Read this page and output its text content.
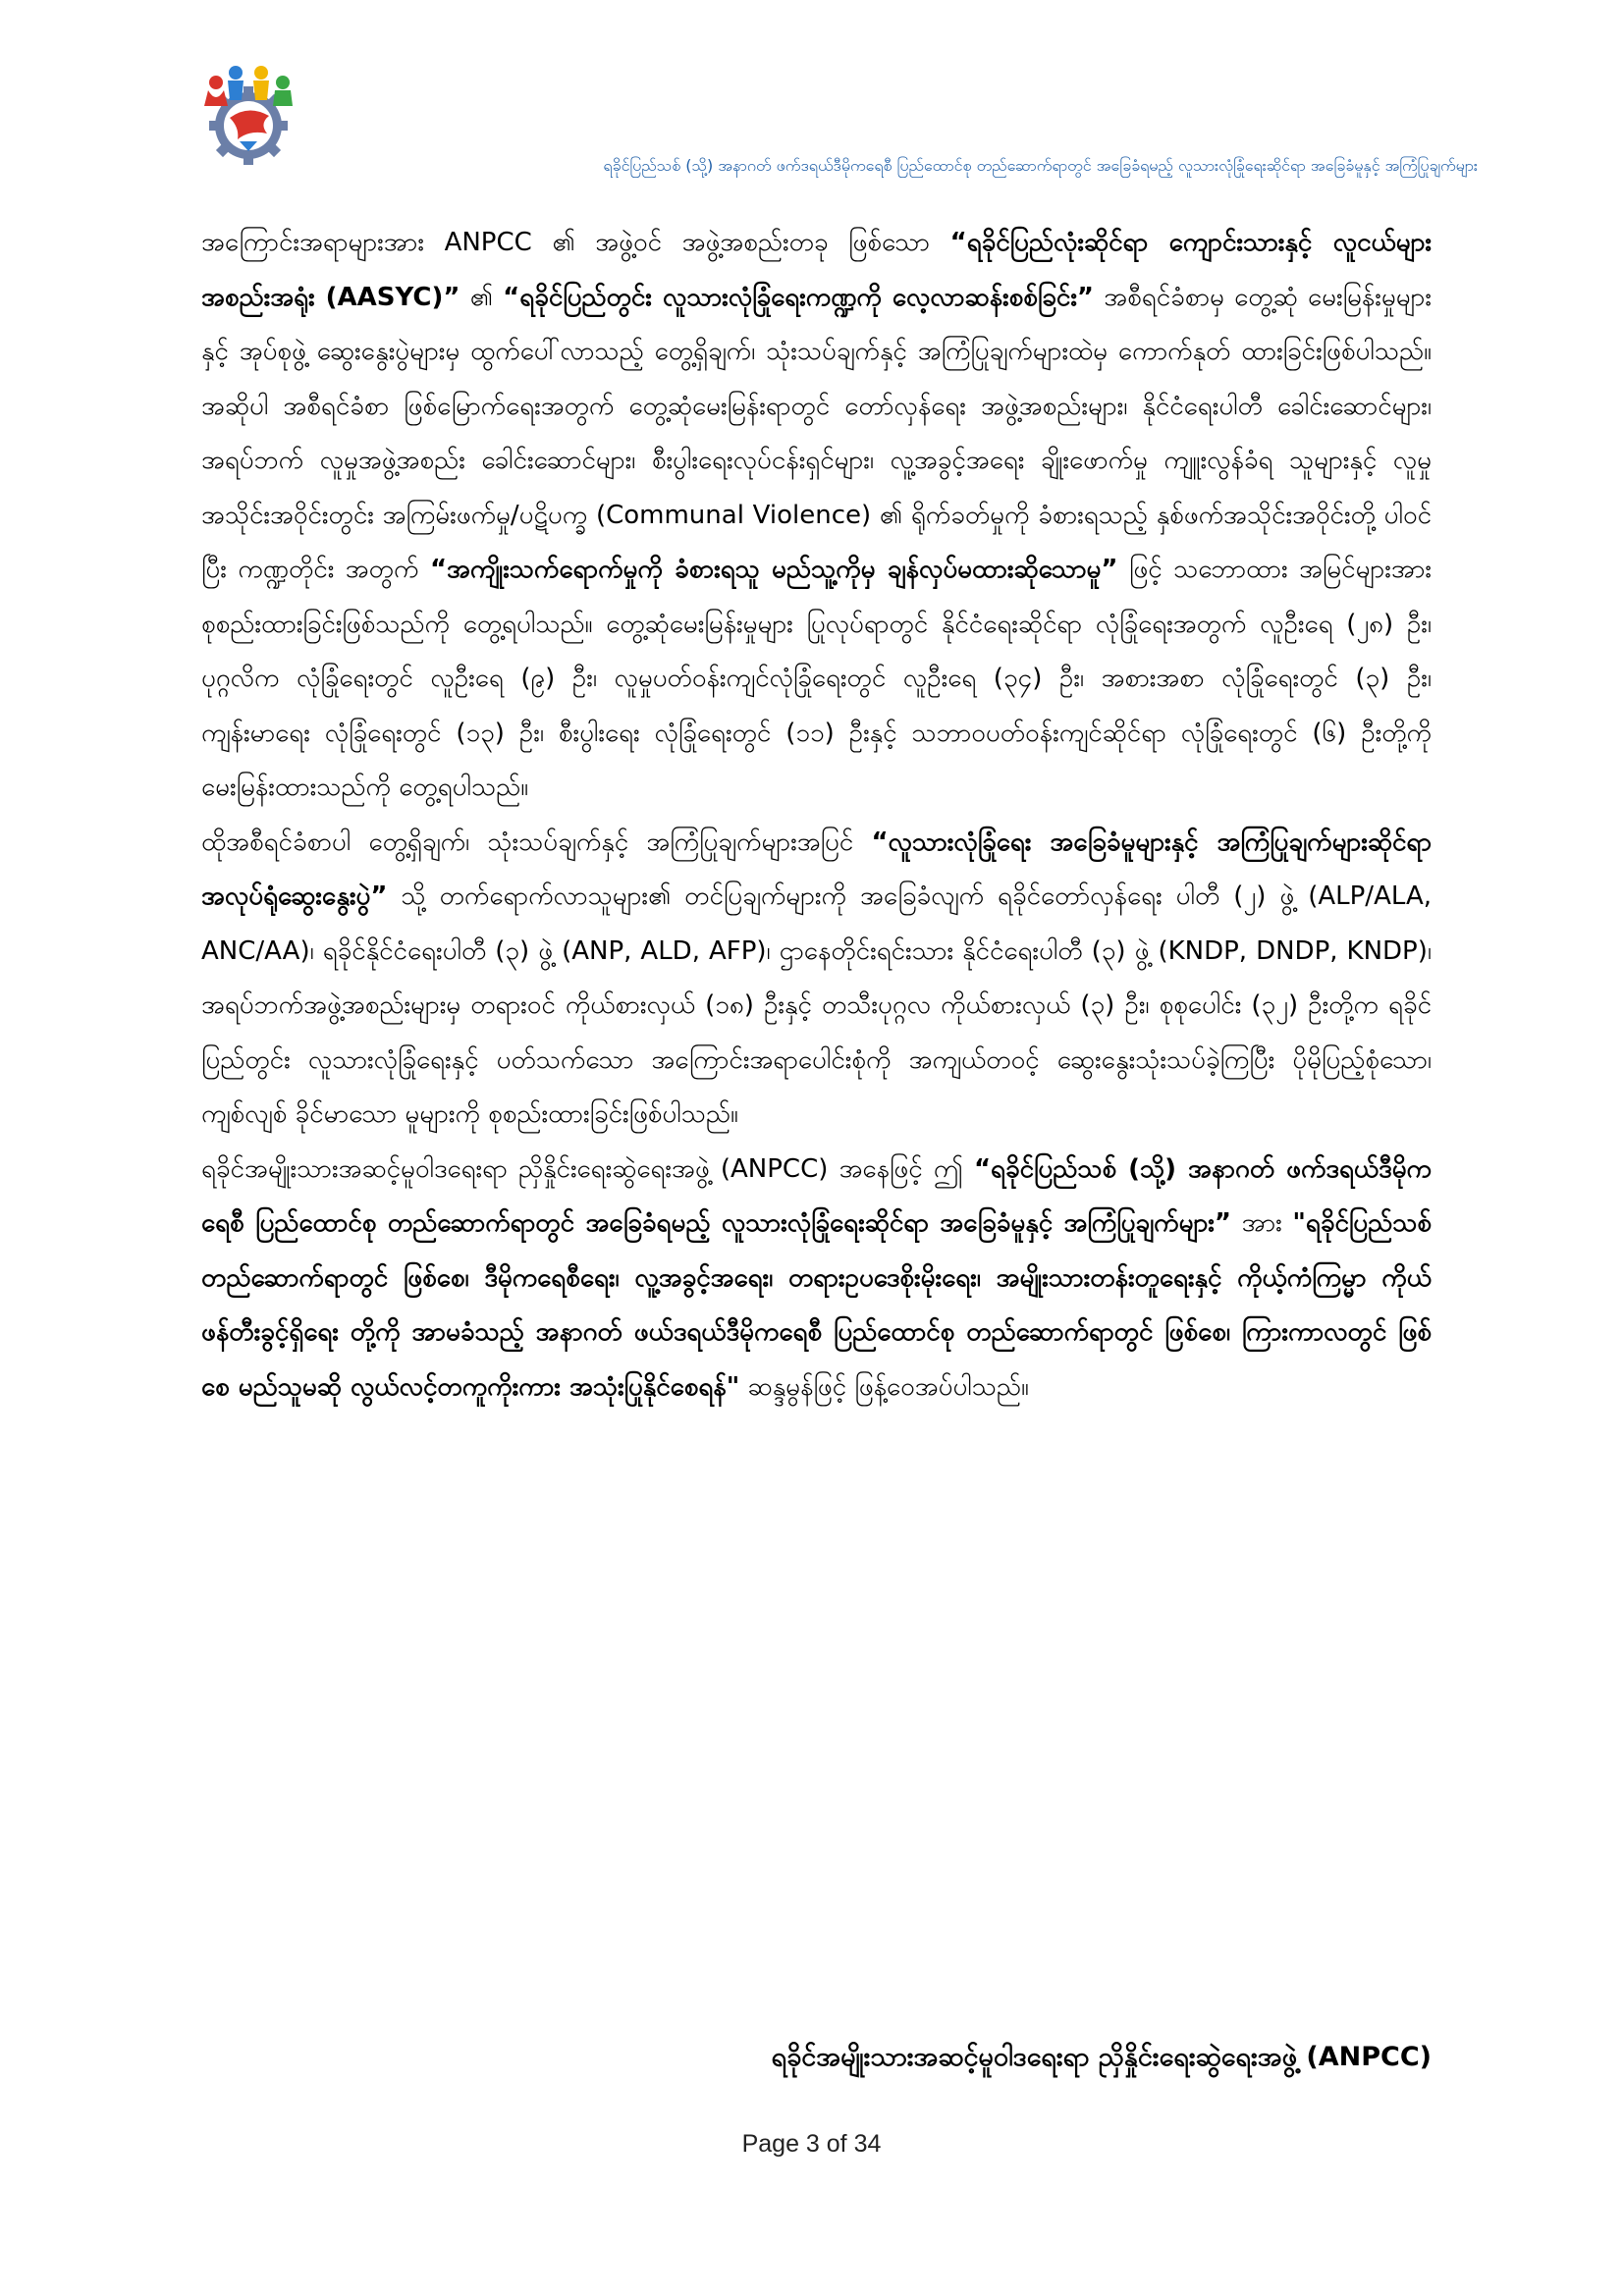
ရခိုင်ပြည်သစ် (သို့) အနာဂတ် ဖက်ဒရယ်ဒီမိုကရေစီ ပြည်ထောင်စု တည်ဆောက်ရာတွင် အခြေခံရမည့် လူသားလုံခြုံရေးဆိုင်ရာ အခြေခံမူနှင့် အကြံပြုချက်များ

အကြောင်းအရာများအား ANPCC ၏ အဖွဲ့ဝင် အဖွဲ့အစည်းတခု ဖြစ်သော “ရခိုင်ပြည်လုံးဆိုင်ရာ ကျောင်းသားနှင့် လူငယ်များအစည်းအရုံး (AASYC)” ၏ “ရခိုင်ပြည်တွင်း လူသားလုံခြုံရေးကဏ္ဍကို လေ့လာဆန်းစစ်ခြင်း” အစီရင်ခံစာမှ တွေ့ဆုံ မေးမြန်းမှုများနှင့် အုပ်စုဖွဲ့ ဆွေးနွေးပွဲများမှ ထွက်ပေါ်လာသည့် တွေ့ရှိချက်၊ သုံးသပ်ချက်နှင့် အကြံပြုချက်များထဲမှ ကောက်နုတ် ထားခြင်းဖြစ်ပါသည်။ အဆိုပါ အစီရင်ခံစာ ဖြစ်မြောက်ရေးအတွက် တွေ့ဆုံမေးမြန်းရာတွင် တော်လှန်ရေး အဖွဲ့အစည်းများ၊ နိုင်ငံရေးပါတီ ခေါင်းဆောင်များ၊ အရပ်ဘက် လူမှုအဖွဲ့အစည်း ခေါင်းဆောင်များ၊ စီးပွါးရေးလုပ်ငန်းရှင်များ၊ လူ့အခွင့်အရေး ချိုးဖောက်မှု ကျူးလွန်ခံရ သူများနှင့် လူမှုအသိုင်းအဝိုင်းတွင်း အကြမ်းဖက်မှု/ပဋိပက္ခ (Communal Violence) ၏ ရိုက်ခတ်မှုကို ခံစားရသည့် နှစ်ဖက်အသိုင်းအဝိုင်းတို့ ပါဝင်ပြီး ကဏ္ဍတိုင်း အတွက် “အကျိုးသက်ရောက်မှုကို ခံစားရသူ မည်သူ့ကိုမှ ချန်လှပ်မထားဆိုသောမူ” ဖြင့် သဘောထား အမြင်များအား စုစည်းထားခြင်းဖြစ်သည်ကို တွေ့ရပါသည်။ တွေ့ဆုံမေးမြန်းမှုများ ပြုလုပ်ရာတွင် နိုင်ငံရေးဆိုင်ရာ လုံခြုံရေးအတွက် လူဦးရေ (၂၈) ဦး၊ ပုဂ္ဂလိက လုံခြုံရေးတွင် လူဦးရေ (၉) ဦး၊ လူမှုပတ်ဝန်းကျင်လုံခြုံရေးတွင် လူဦးရေ (၃၄) ဦး၊ အစားအစာ လုံခြုံရေးတွင် (၃) ဦး၊ ကျန်းမာရေး လုံခြုံရေးတွင် (၁၃) ဦး၊ စီးပွါးရေး လုံခြုံရေးတွင် (၁၁) ဦးနှင့် သဘာဝပတ်ဝန်းကျင်ဆိုင်ရာ လုံခြုံရေးတွင် (၆) ဦးတို့ကို မေးမြန်းထားသည်ကို တွေ့ရပါသည်။

ထိုအစီရင်ခံစာပါ တွေ့ရှိချက်၊ သုံးသပ်ချက်နှင့် အကြံပြုချက်များအပြင် “လူသားလုံခြုံရေး အခြေခံမူများနှင့် အကြံပြုချက်များဆိုင်ရာ အလုပ်ရုံဆွေးနွေးပွဲ” သို့ တက်ရောက်လာသူများ၏ တင်ပြချက်များကို အခြေခံလျက် ရခိုင်တော်လှန်ရေး ပါတီ (၂) ဖွဲ့ (ALP/ALA, ANC/AA)၊ ရခိုင်နိုင်ငံရေးပါတီ (၃) ဖွဲ့ (ANP, ALD, AFP)၊ ဌာနေတိုင်းရင်းသား နိုင်ငံရေးပါတီ (၃) ဖွဲ့ (KNDP, DNDP, KNDP)၊ အရပ်ဘက်အဖွဲ့အစည်းများမှ တရားဝင် ကိုယ်စားလှယ် (၁၈) ဦးနှင့် တသီးပုဂ္ဂလ ကိုယ်စားလှယ် (၃) ဦး၊ စုစုပေါင်း (၃၂) ဦးတို့က ရခိုင်ပြည်တွင်း လူသားလုံခြုံရေးနှင့် ပတ်သက်သော အကြောင်းအရာပေါင်းစုံကို အကျယ်တဝင့် ဆွေးနွေးသုံးသပ်ခဲ့ကြပြီး ပိုမိုပြည့်စုံသော၊ ကျစ်လျစ် ခိုင်မာသော မူများကို စုစည်းထားခြင်းဖြစ်ပါသည်။

ရခိုင်အမျိုးသားအဆင့်မူဝါဒရေးရာ ညှိနှိုင်းရေးဆွဲရေးအဖွဲ့ (ANPCC) အနေဖြင့် ဤ “ရခိုင်ပြည်သစ် (သို့) အနာဂတ် ဖက်ဒရယ်ဒီမိုကရေစီ ပြည်ထောင်စု တည်ဆောက်ရာတွင် အခြေခံရမည့် လူသားလုံခြုံရေးဆိုင်ရာ အခြေခံမူနှင့် အကြံပြုချက်များ” အား "ရခိုင်ပြည်သစ် တည်ဆောက်ရာတွင် ဖြစ်စေ၊ ဒီမိုကရေစီရေး၊ လူ့အခွင့်အရေး၊ တရားဥပဒေစိုးမိုးရေး၊ အမျိုးသားတန်းတူရေးနှင့် ကိုယ့်ကံကြမ္မာ ကိုယ်ဖန်တီးခွင့်ရှိရေး တို့ကို အာမခံသည့် အနာဂတ် ဖယ်ဒရယ်ဒီမိုကရေစီ ပြည်ထောင်စု တည်ဆောက်ရာတွင် ဖြစ်စေ၊ ကြားကာလတွင် ဖြစ်စေ မည်သူမဆို လွယ်လင့်တကူကိုးကား အသုံးပြုနိုင်စေရန်" ဆန္ဒမွန်ဖြင့် ဖြန့်ဝေအပ်ပါသည်။

ရခိုင်အမျိုးသားအဆင့်မူဝါဒရေးရာ ညှိနှိုင်းရေးဆွဲရေးအဖွဲ့ (ANPCC)
Page 3 of 34
